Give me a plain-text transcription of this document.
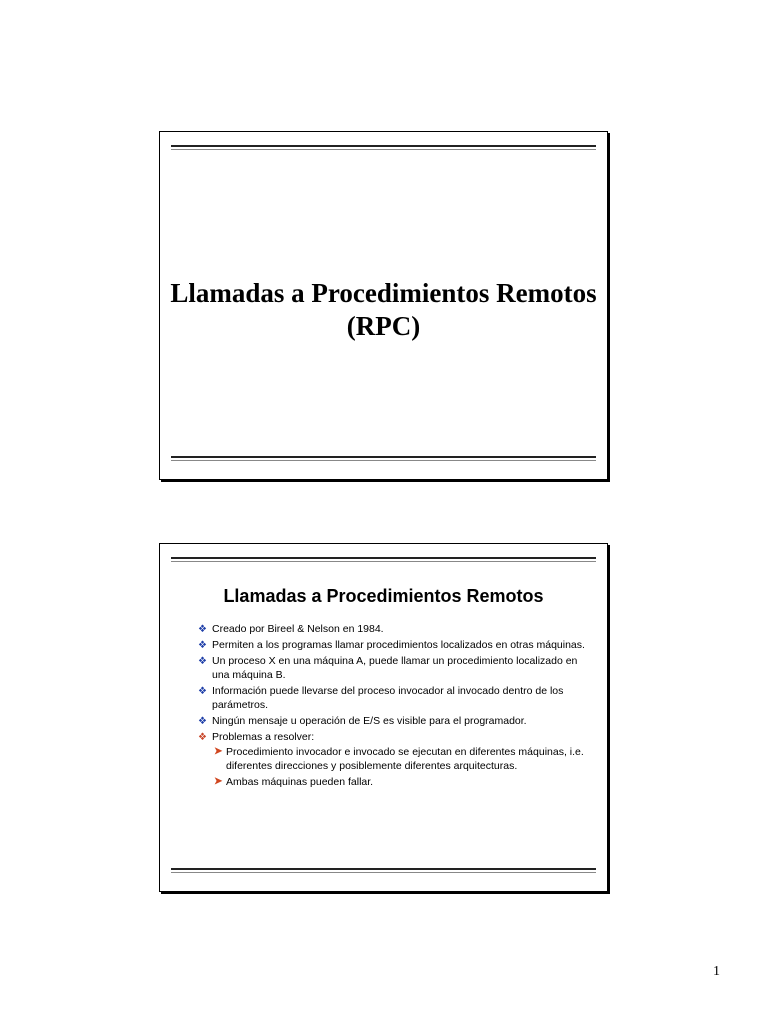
Llamadas a Procedimientos Remotos
(RPC)
Llamadas a Procedimientos Remotos
❖ Creado por Bireel & Nelson en 1984.
❖ Permiten a los programas llamar procedimientos localizados en otras máquinas.
❖ Un proceso X en una máquina A, puede llamar un procedimiento localizado en una máquina B.
❖ Información puede llevarse del proceso invocador al invocado dentro de los parámetros.
❖ Ningún mensaje u operación de E/S es visible para el programador.
❖ Problemas a resolver:
➤ Procedimiento invocador e invocado se ejecutan en diferentes máquinas, i.e. diferentes direcciones y posiblemente diferentes arquitecturas.
➤ Ambas máquinas pueden fallar.
1
